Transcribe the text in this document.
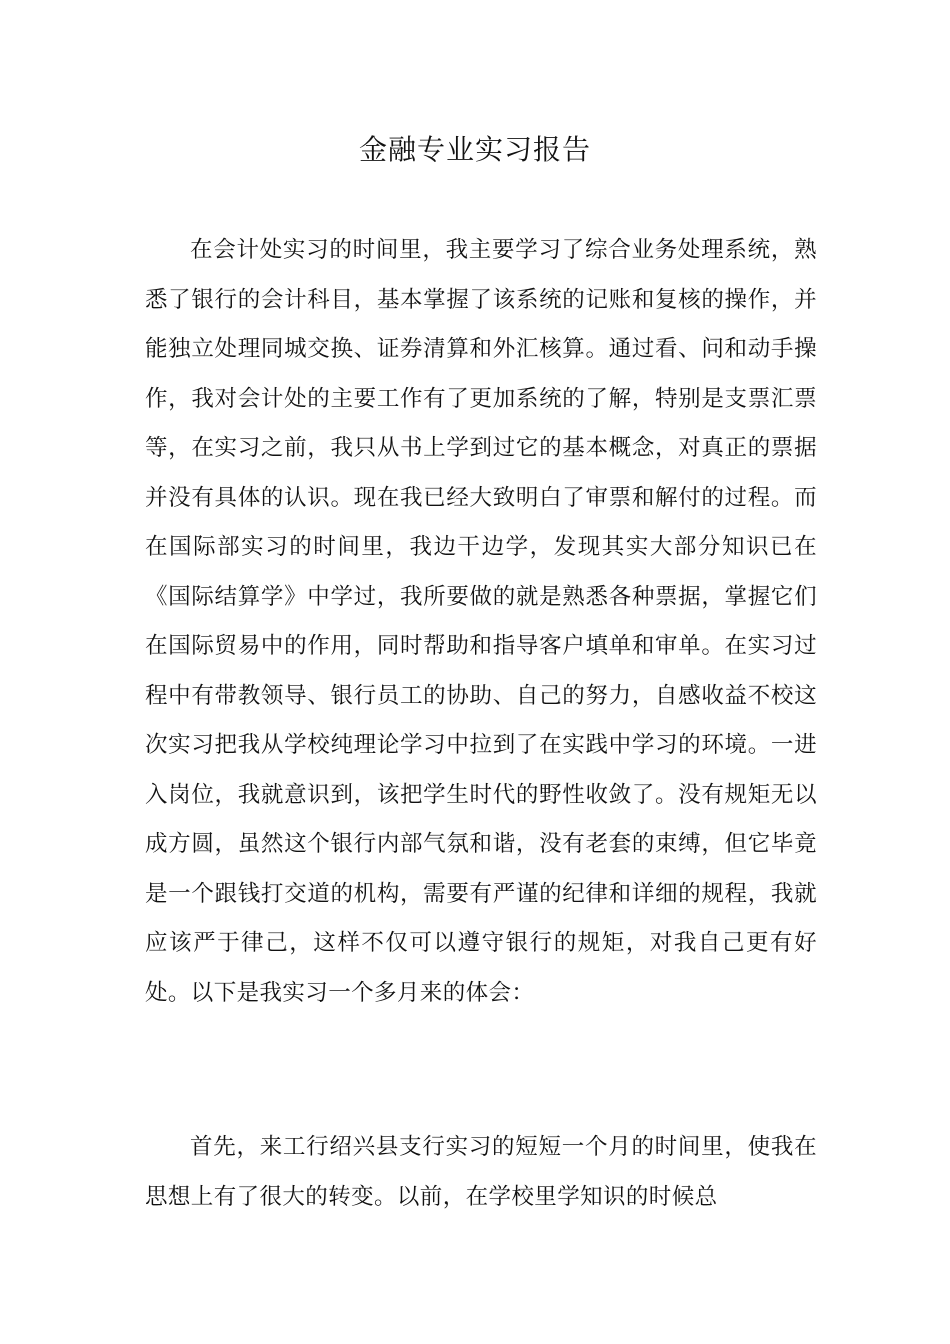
金融专业实习报告

在会计处实习的时间里，我主要学习了综合业务处理系统，熟悉了银行的会计科目，基本掌握了该系统的记账和复核的操作，并能独立处理同城交换、证券清算和外汇核算。通过看、问和动手操作，我对会计处的主要工作有了更加系统的了解，特别是支票汇票等，在实习之前，我只从书上学到过它的基本概念，对真正的票据并没有具体的认识。现在我已经大致明白了审票和解付的过程。而在国际部实习的时间里，我边干边学，发现其实大部分知识已在《国际结算学》中学过，我所要做的就是熟悉各种票据，掌握它们在国际贸易中的作用，同时帮助和指导客户填单和审单。在实习过程中有带教领导、银行员工的协助、自己的努力，自感收益不校这次实习把我从学校纯理论学习中拉到了在实践中学习的环境。一进入岗位，我就意识到，该把学生时代的野性收敛了。没有规矩无以成方圆，虽然这个银行内部气氛和谐，没有老套的束缚，但它毕竟是一个跟钱打交道的机构，需要有严谨的纪律和详细的规程，我就应该严于律己，这样不仅可以遵守银行的规矩，对我自己更有好处。以下是我实习一个多月来的体会：

首先，来工行绍兴县支行实习的短短一个月的时间里，使我在思想上有了很大的转变。以前，在学校里学知识的时候总
